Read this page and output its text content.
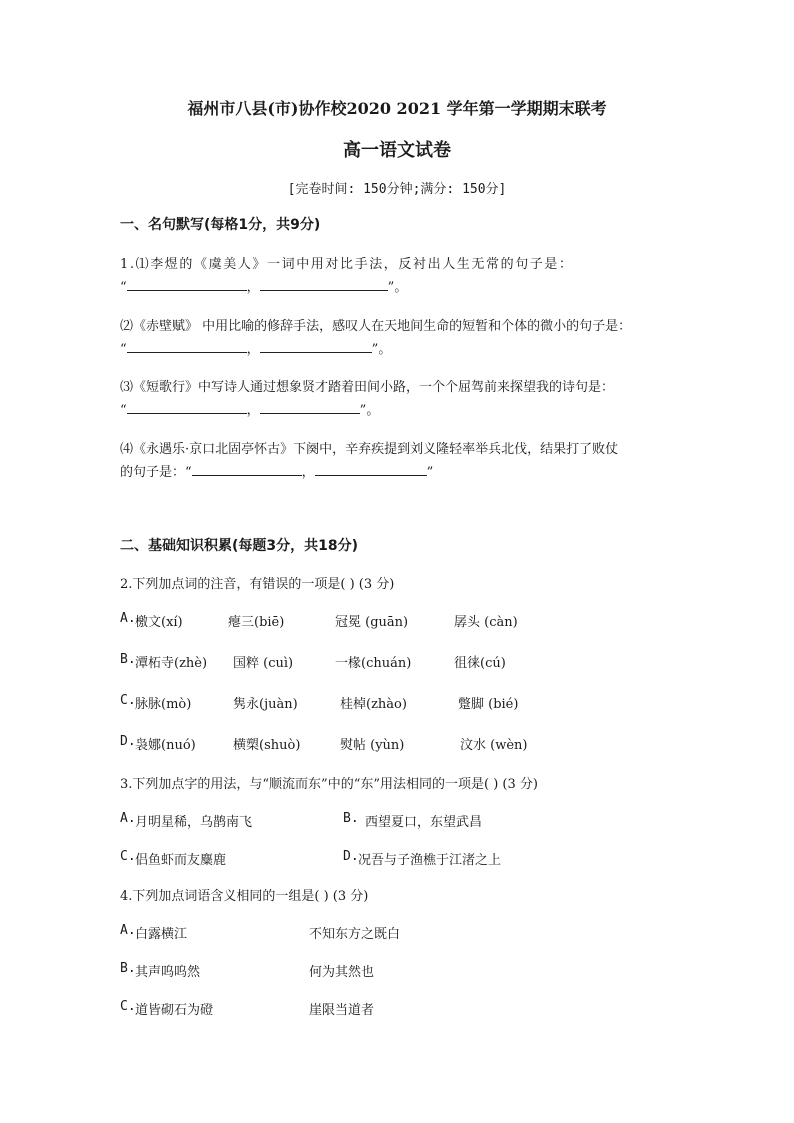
福州市八县(市)协作校2020 2021 学年第一学期期末联考
高一语文试卷
[完卷时间: 150分钟;满分: 150分]
一、名句默写(每格1分，共9分)
1.⑴李煜的《虞美人》一词中用对比手法，反衬出人生无常的句子是：
“	，	”。
⑵《赤壁赋》 中用比喻的修辞手法，感叹人在天地间生命的短暂和个体的微小的句子是：
“	，	”。
⑶《短歌行》中写诗人通过想象贤才踏着田间小路，一个个屈驾前来探望我的诗句是：
“	，	”。
⑷《永遇乐·京口北固亭怀古》下阕中，辛弃疾提到刘义隆轻率举兵北伐，结果打了败仗
的句子是：“	，	”
二、基础知识积累(每题3分，共18分)
2.下列加点词的注音，有错误的一项是( ) (3 分)
A. 檄文(xí)	瘪三(biē)	冠冕 (guān)	孱头 (càn)
B. 潭柘寺(zhè) 国粹 (cuì)	一椽(chuán)	徂徕(cú)
C. 脉脉(mò)	隽永(juàn)	桂棹(zhào)	蹩脚 (bié)
D. 袅娜(nuó)	横槊(shuò)	熨帖 (yùn)	汶水 (wèn)
3.下列加点字的用法，与“顺流而东”中的“东”用法相同的一项是( ) (3 分)
A. 月明星稀，乌鹊南飞	B. 西望夏口，东望武昌
C. 侣鱼虾而友麋鹿	D. 况吾与子渔樵于江渚之上
4.下列加点词语含义相同的一组是( ) (3 分)
A. 白露横江	不知东方之既白
B. 其声呜呜然	何为其然也
C. 道皆砌石为磴	崖限当道者
